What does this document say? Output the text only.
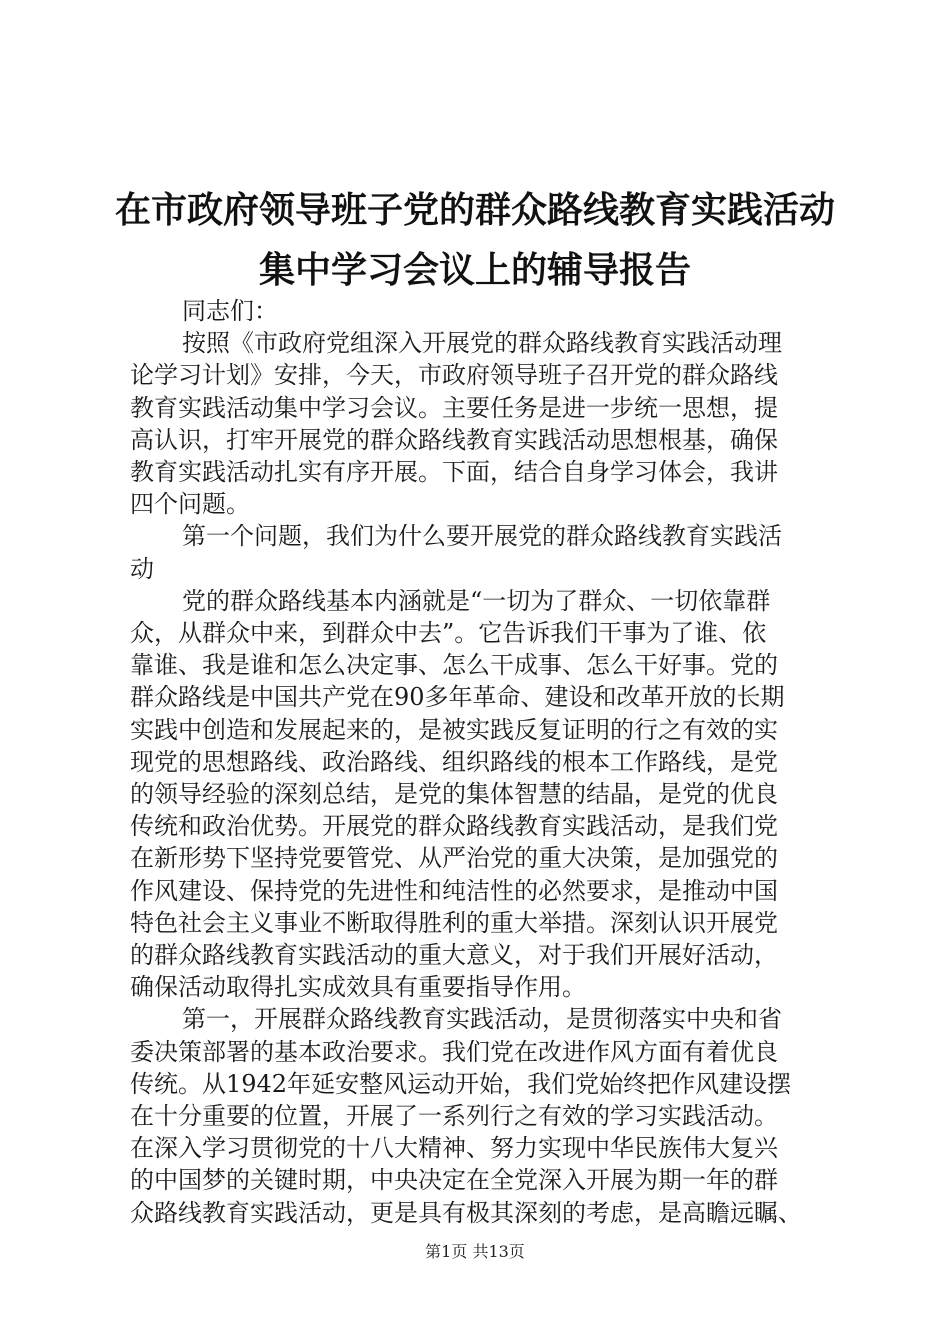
在市政府领导班子党的群众路线教育实践活动
集中学习会议上的辅导报告
同志们：
按照《市政府党组深入开展党的群众路线教育实践活动理
论学习计划》安排，今天，市政府领导班子召开党的群众路线
教育实践活动集中学习会议。主要任务是进一步统一思想，提
高认识，打牢开展党的群众路线教育实践活动思想根基，确保
教育实践活动扎实有序开展。下面，结合自身学习体会，我讲
四个问题。
第一个问题，我们为什么要开展党的群众路线教育实践活
动
党的群众路线基本内涵就是“一切为了群众、一切依靠群
众，从群众中来，到群众中去”。它告诉我们干事为了谁、依
靠谁、我是谁和怎么决定事、怎么干成事、怎么干好事。党的
群众路线是中国共产党在90多年革命、建设和改革开放的长期
实践中创造和发展起来的，是被实践反复证明的行之有效的实
现党的思想路线、政治路线、组织路线的根本工作路线，是党
的领导经验的深刻总结，是党的集体智慧的结晶，是党的优良
传统和政治优势。开展党的群众路线教育实践活动，是我们党
在新形势下坚持党要管党、从严治党的重大决策，是加强党的
作风建设、保持党的先进性和纯洁性的必然要求，是推动中国
特色社会主义事业不断取得胜利的重大举措。深刻认识开展党
的群众路线教育实践活动的重大意义，对于我们开展好活动，
确保活动取得扎实成效具有重要指导作用。
第一，开展群众路线教育实践活动，是贯彻落实中央和省
委决策部署的基本政治要求。我们党在改进作风方面有着优良
传统。从1942年延安整风运动开始，我们党始终把作风建设摆
在十分重要的位置，开展了一系列行之有效的学习实践活动。
在深入学习贯彻党的十八大精神、努力实现中华民族伟大复兴
的中国梦的关键时期，中央决定在全党深入开展为期一年的群
第1页 共13页
众路线教育实践活动，更是具有极其深刻的考虑，是高瞻远瞩、
